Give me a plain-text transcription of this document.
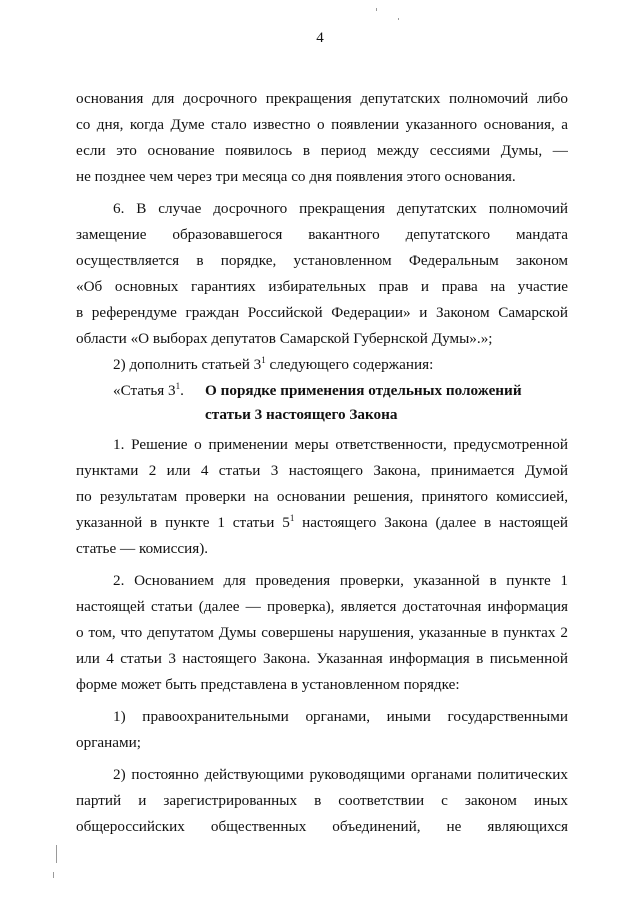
4
основания для досрочного прекращения депутатских полномочий либо
со дня, когда Думе стало известно о появлении указанного основания, а
если это основание появилось в период между сессиями Думы, —
не позднее чем через три месяца со дня появления этого основания.
6. В случае досрочного прекращения депутатских полномочий
замещение образовавшегося вакантного депутатского мандата
осуществляется в порядке, установленном Федеральным законом
«Об основных гарантиях избирательных прав и права на участие
в референдуме граждан Российской Федерации» и Законом Самарской
области «О выборах депутатов Самарской Губернской Думы».»;
2) дополнить статьей $3^1$ следующего содержания:
«Статья $3^1$. О порядке применения отдельных положений
статьи 3 настоящего Закона
1. Решение о применении меры ответственности, предусмотренной
пунктами 2 или 4 статьи 3 настоящего Закона, принимается Думой
по результатам проверки на основании решения, принятого комиссией,
указанной в пункте 1 статьи $5^1$ настоящего Закона (далее в настоящей
статье — комиссия).
2. Основанием для проведения проверки, указанной в пункте 1
настоящей статьи (далее — проверка), является достаточная информация
о том, что депутатом Думы совершены нарушения, указанные в пунктах 2
или 4 статьи 3 настоящего Закона. Указанная информация в письменной
форме может быть представлена в установленном порядке:
1) правоохранительными органами, иными государственными
органами;
2) постоянно действующими руководящими органами политических
партий и зарегистрированных в соответствии с законом иных
общероссийских общественных объединений, не являющихся
